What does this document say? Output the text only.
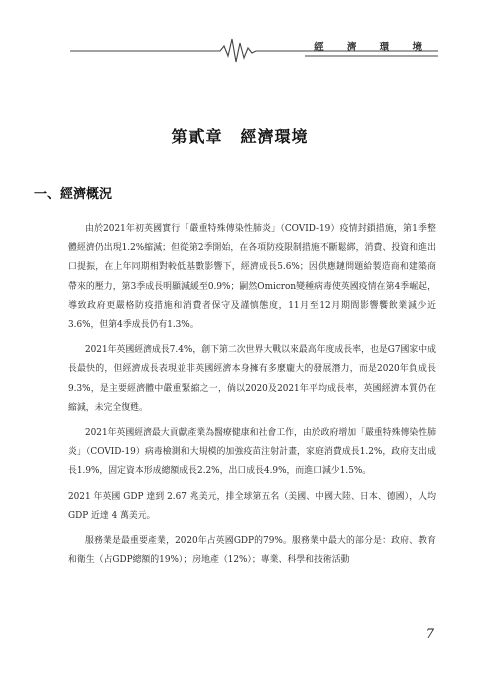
經 濟 環 境
第貳章 經濟環境
一、經濟概況

由於2021年初英國實行「嚴重特殊傳染性肺炎」（COVID-19）疫情封鎖措施，第1季整體經濟仍出現1.2%縮減；但從第2季開始，在各項防疫限制措施不斷鬆綁，消費、投資和進出口提振，在上年同期相對較低基數影響下，經濟成長5.6%；因供應鏈問題給製造商和建築商帶來的壓力，第3季成長明顯減緩至0.9%；嗣然Omicron變種病毒使英國疫情在第4季崛起，導致政府更嚴格防疫措施和消費者保守及謹慎態度，11月至12月期間影響饗飲業減少近3.6%，但第4季成長仍有1.3%。

2021年英國經濟成長7.4%，創下第二次世界大戰以來最高年度成長率，也是G7國家中成長最快的，但經濟成長表現並非英國經濟本身擁有多麼龐大的發展潛力，而是2020年負成長9.3%，是主要經濟體中嚴重緊縮之一，倘以2020及2021年平均成長率，英國經濟本質仍在縮減，未完全復甦。

2021年英國經濟最大貢獻產業為醫療健康和社會工作，由於政府增加「嚴重特殊傳染性肺炎」（COVID-19）病毒檢測和大規模的加強疫苗注射計畫，家庭消費成長1.2%，政府支出成長1.9%，固定資本形成總額成長2.2%，出口成長4.9%，而進口減少1.5%。

2021 年英國 GDP 達到 2.67 兆美元，排全球第五名（美國、中國大陸、日本、德國），人均 GDP 近達 4 萬美元。

服務業是最重要產業，2020年占英國GDP的79%。服務業中最大的部分是：政府、教育和衛生（占GDP總額的19%）；房地產（12%）；專業、科學和技術活動

7
